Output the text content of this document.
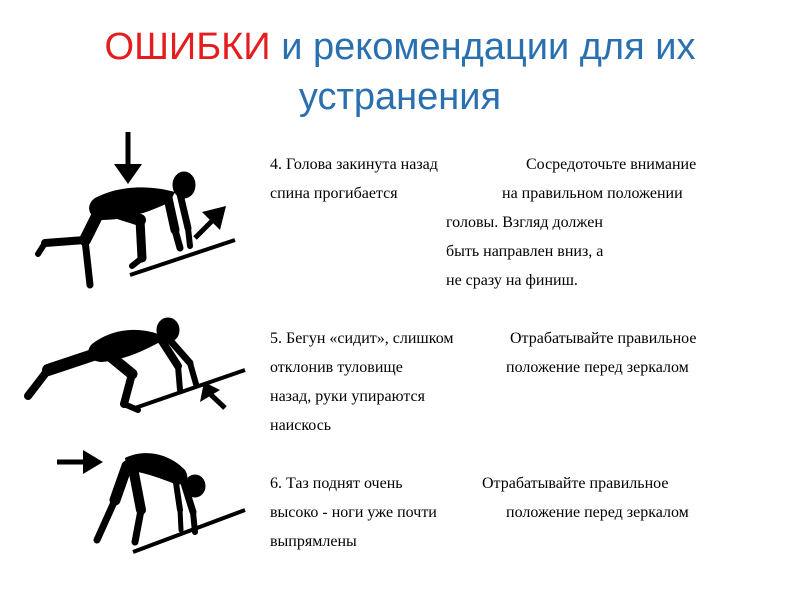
ОШИБКИ и рекомендации для их
устранения
4. Голова закинута назад	Сосредоточьте внимание
спина прогибается	на правильном положении
головы. Взгляд должен
быть направлен вниз, а
не сразу на финиш.
5. Бегун «сидит», слишком	Отрабатывайте правильное
отклонив туловище	положение перед зеркалом
назад, руки упираются
наискось
6. Таз поднят очень	Отрабатывайте правильное
высоко - ноги уже почти	положение перед зеркалом
выпрямлены
